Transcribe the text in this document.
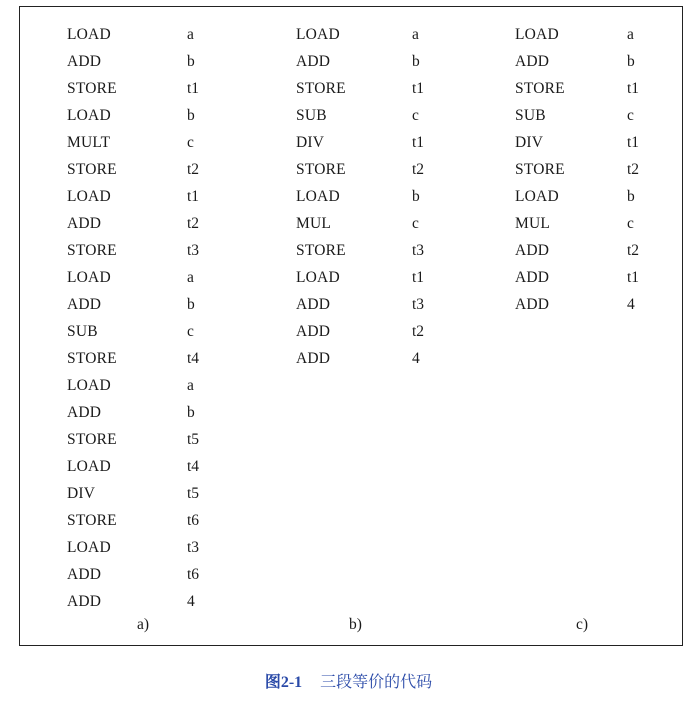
LOAD	a
ADD	b
STORE	t1
LOAD	b
MULT	c
STORE	t2
LOAD	t1
ADD	t2
STORE	t3
LOAD	a
ADD	b
SUB	c
STORE	t4
LOAD	a
ADD	b
STORE	t5
LOAD	t4
DIV	t5
STORE	t6
LOAD	t3
ADD	t6
ADD	4
LOAD	a
ADD	b
STORE	t1
SUB	c
DIV	t1
STORE	t2
LOAD	b
MUL	c
STORE	t3
LOAD	t1
ADD	t3
ADD	t2
ADD	4
LOAD	a
ADD	b
STORE	t1
SUB	c
DIV	t1
STORE	t2
LOAD	b
MUL	c
ADD	t2
ADD	t1
ADD	4
a)	b)	c)
图2-1 三段等价的代码
